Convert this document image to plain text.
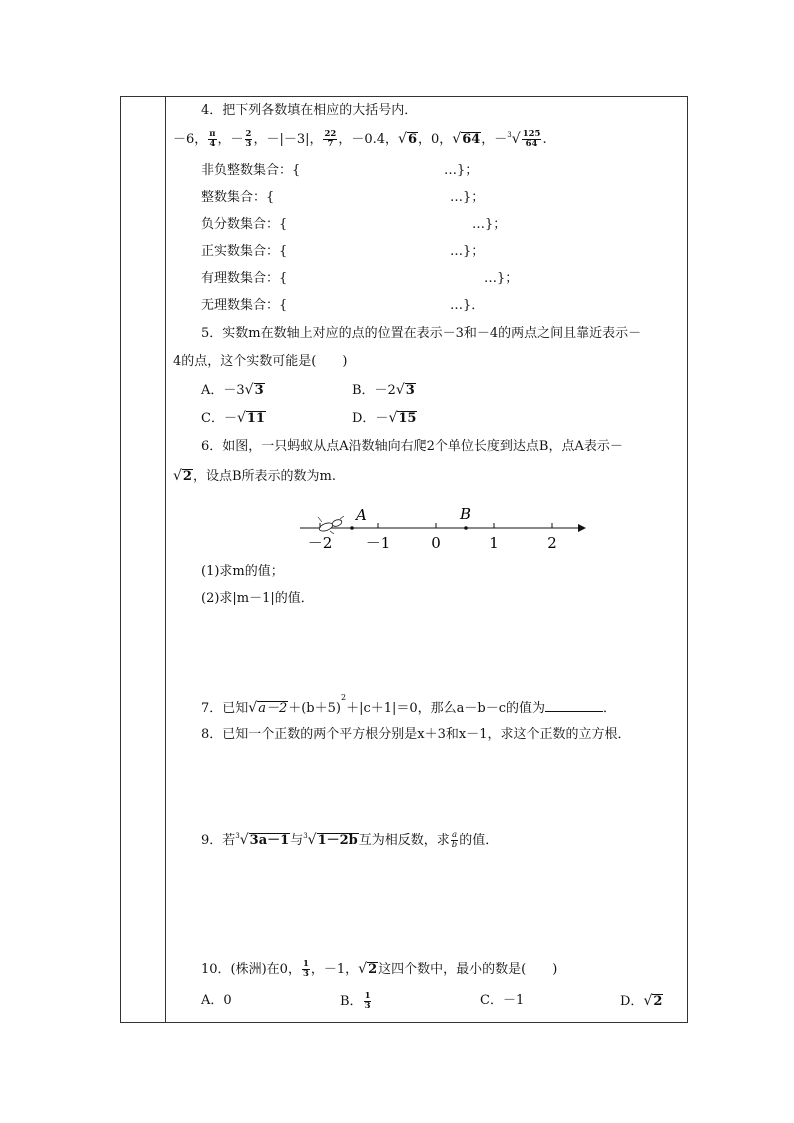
4．把下列各数填在相应的大括号内．
－6， $\frac{\pi}{4}$ ，－ $\frac{2}{3}$ ，－|－3|， $\frac{22}{7}$ ，－0.4，√6，0，√64，$-^3√ \frac{125}{64}$ .
非负整数集合：{	…}；
整数集合：{	…}；
负分数集合：{	…}；
正实数集合：{	…}；
有理数集合：{	…}；
无理数集合：{	…}．
5．实数m在数轴上对应的点的位置在表示－3和－4的两点之间且靠近表示－
4的点，这个实数可能是(　　)
A．－3√3	B．－2√3
C．－√11	D．－√15
6．如图，一只蚂蚁从点A沿数轴向右爬2个单位长度到达点B，点A表示－
√2，设点B所表示的数为m.
A	B
－2 －1	0	1	2
(1)求m的值；
(2)求|m－1|的值．
7．已知$√a-2+(b+5)^2+|c+1|=0$，那么a－b－c的值为	．
8．已知一个正数的两个平方根分别是x＋3和x－1，求这个正数的立方根．
9．若$^3$√3a－1与$^3$√1－2b互为相反数，求 $\frac{a}{b}$ 的值．
10．(株洲)在0， $\frac{1}{3}$ ，－1，√2这四个数中，最小的数是(　　)
A．0	B． $\frac{1}{3}$	C．－1	D．√2
